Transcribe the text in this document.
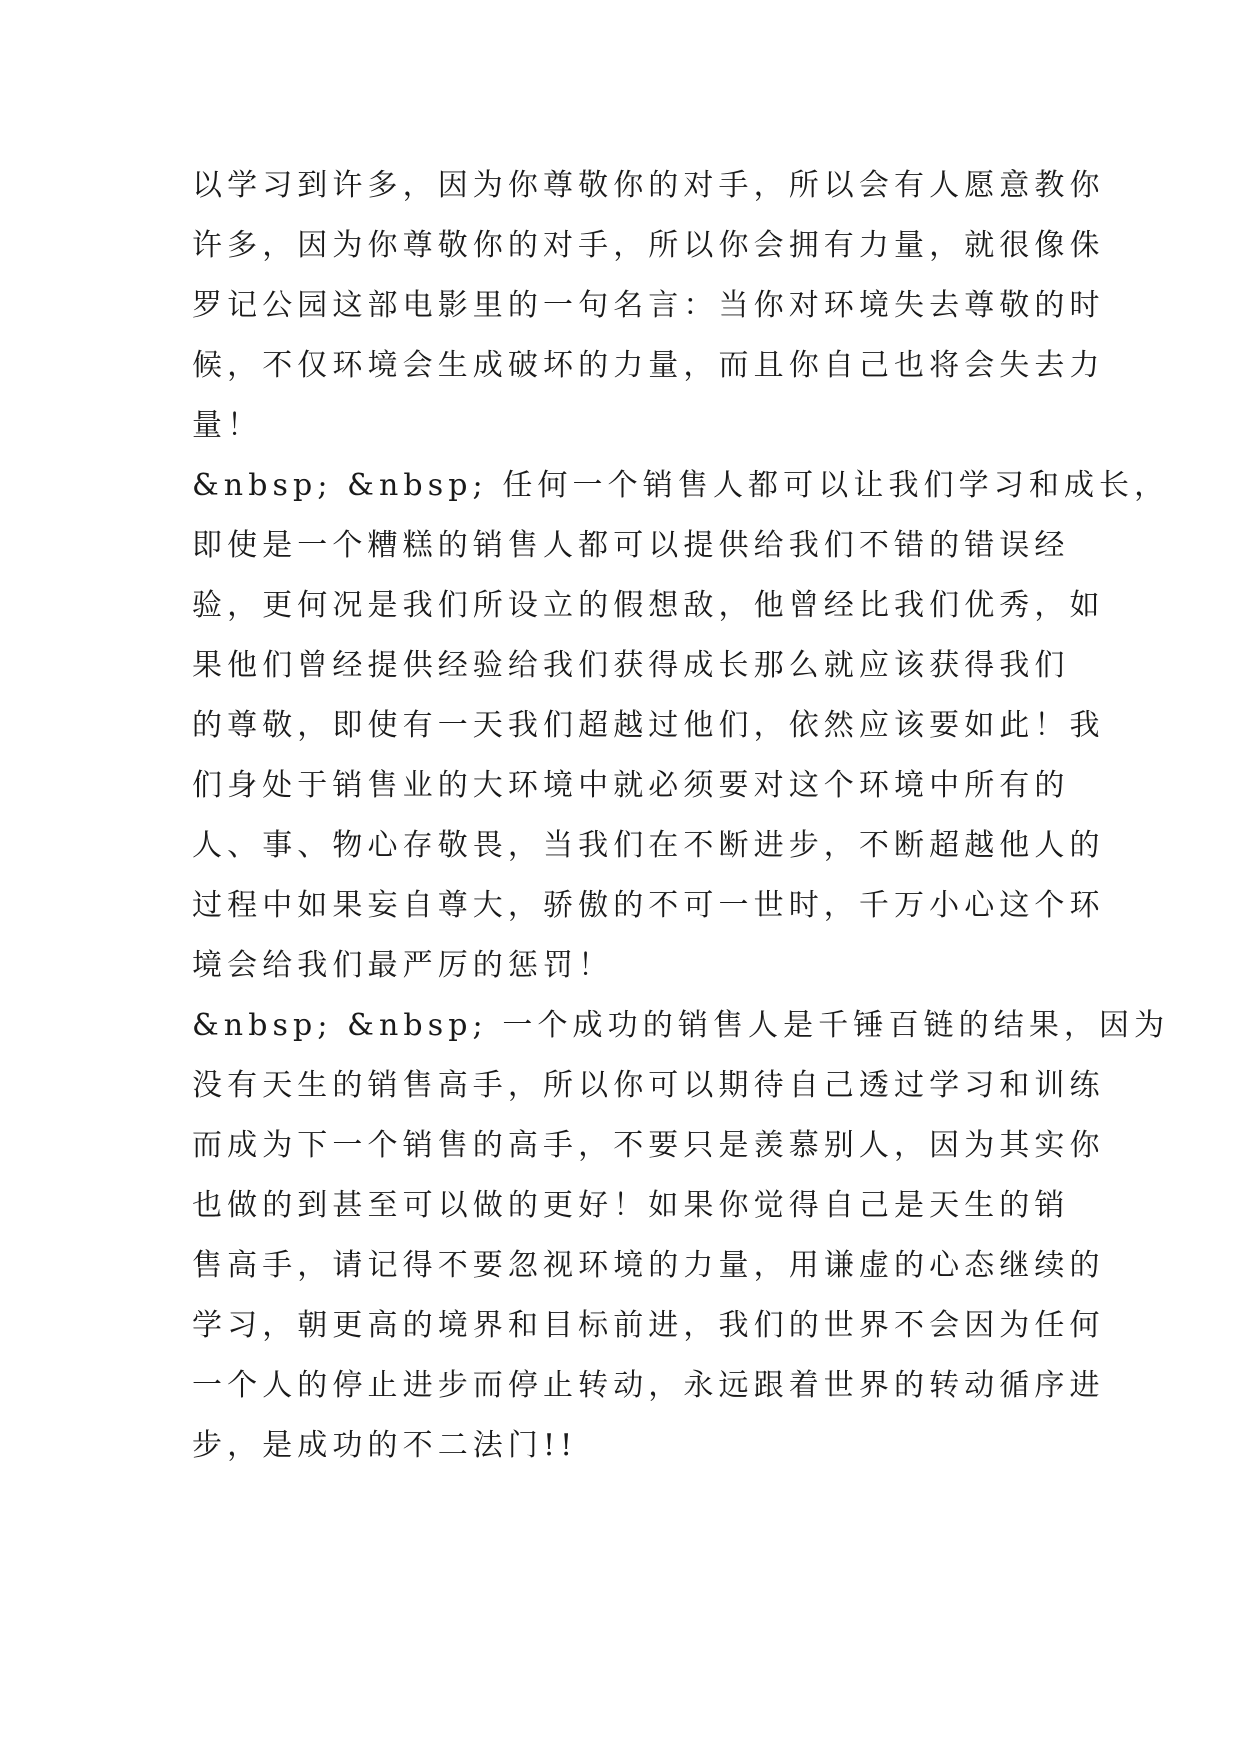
以学习到许多，因为你尊敬你的对手，所以会有人愿意教你
许多，因为你尊敬你的对手，所以你会拥有力量，就很像侏
罗记公园这部电影里的一句名言：当你对环境失去尊敬的时
候，不仅环境会生成破坏的力量，而且你自己也将会失去力
量！
&nbsp; &nbsp; 任何一个销售人都可以让我们学习和成长，
即使是一个糟糕的销售人都可以提供给我们不错的错误经
验，更何况是我们所设立的假想敌，他曾经比我们优秀，如
果他们曾经提供经验给我们获得成长那么就应该获得我们
的尊敬，即使有一天我们超越过他们，依然应该要如此！我
们身处于销售业的大环境中就必须要对这个环境中所有的
人、事、物心存敬畏，当我们在不断进步，不断超越他人的
过程中如果妄自尊大，骄傲的不可一世时，千万小心这个环
境会给我们最严厉的惩罚！
&nbsp; &nbsp; 一个成功的销售人是千锤百链的结果，因为
没有天生的销售高手，所以你可以期待自己透过学习和训练
而成为下一个销售的高手，不要只是羡慕别人，因为其实你
也做的到甚至可以做的更好！如果你觉得自己是天生的销
售高手，请记得不要忽视环境的力量，用谦虚的心态继续的
学习，朝更高的境界和目标前进，我们的世界不会因为任何
一个人的停止进步而停止转动，永远跟着世界的转动循序进
步，是成功的不二法门!!
